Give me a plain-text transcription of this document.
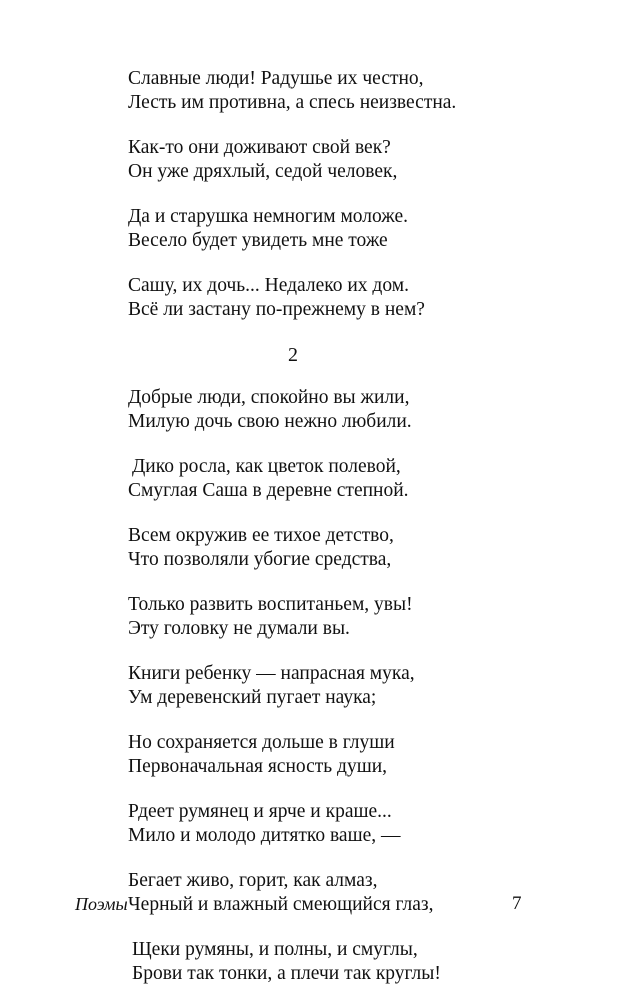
Славные люди! Радушье их честно,
Лесть им противна, а спесь неизвестна.
Как-то они доживают свой век?
Он уже дряхлый, седой человек,
Да и старушка немногим моложе.
Весело будет увидеть мне тоже
Сашу, их дочь... Недалеко их дом.
Всё ли застану по-прежнему в нем?
2
Добрые люди, спокойно вы жили,
Милую дочь свою нежно любили.
Дико росла, как цветок полевой,
Смуглая Саша в деревне степной.
Всем окружив ее тихое детство,
Что позволяли убогие средства,
Только развить воспитаньем, увы!
Эту головку не думали вы.
Книги ребенку — напрасная мука,
Ум деревенский пугает наука;
Но сохраняется дольше в глуши
Первоначальная ясность души,
Рдеет румянец и ярче и краше...
Мило и молодо дитятко ваше, —
Бегает живо, горит, как алмаз,
Черный и влажный смеющийся глаз,
Щеки румяны, и полны, и смуглы,
Брови так тонки, а плечи так круглы!
Поэмы	7
